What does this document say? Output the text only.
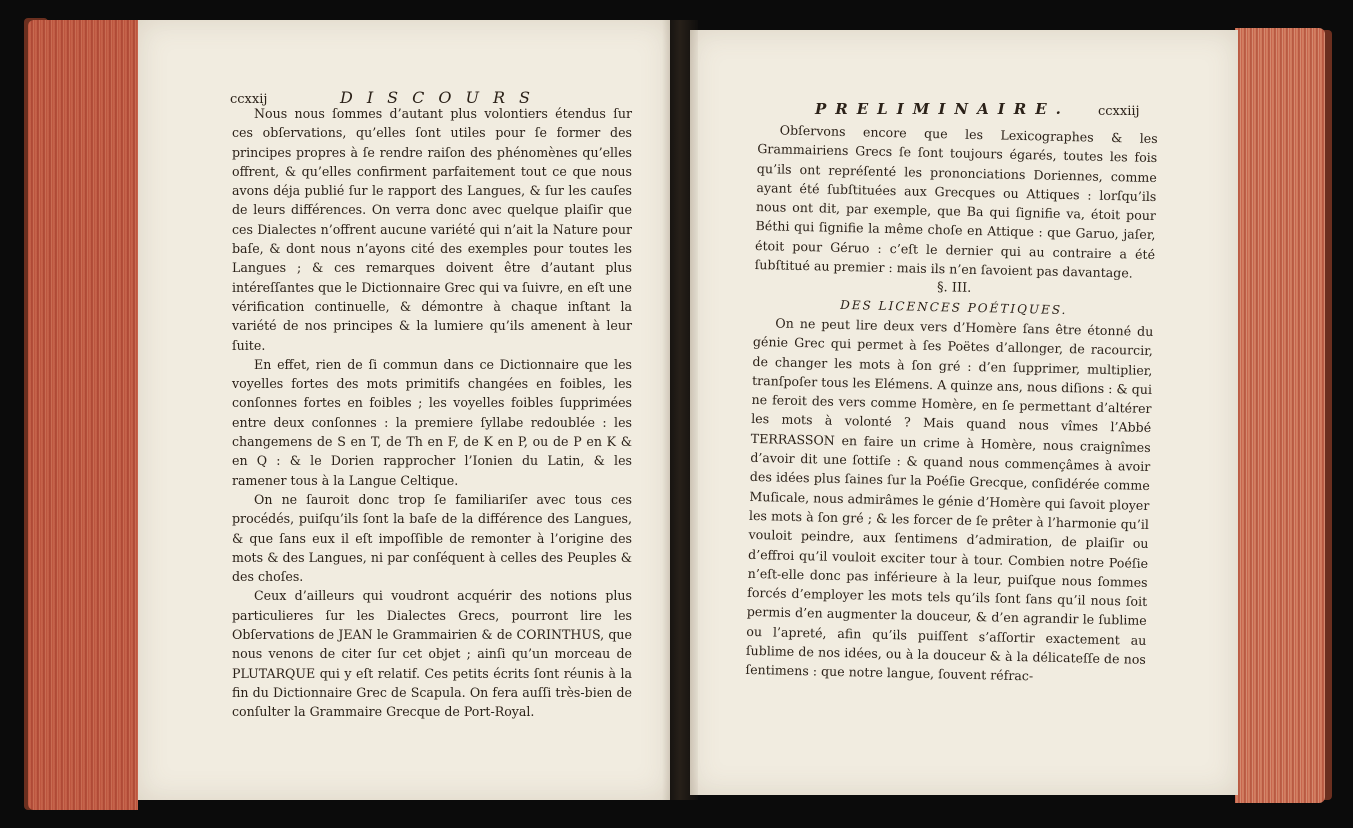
ccxxij	DISCOURS

Nous nous ſommes d’autant plus volontiers étendus ſur ces obſervations, qu’elles ſont utiles pour ſe former des principes propres à ſe rendre raiſon des phénomènes qu’elles offrent, & qu’elles confirment parfaitement tout ce que nous avons déja publié ſur le rapport des Langues, & ſur les cauſes de leurs différences. On verra donc avec quelque plaiſir que ces Dialectes n’offrent aucune variété qui n’ait la Nature pour baſe, & dont nous n’ayons cité des exemples pour toutes les Langues ; & ces remarques doivent être d’autant plus intéreſſantes que le Dictionnaire Grec qui va ſuivre, en eſt une vérification continuelle, & démontre à chaque inſtant la variété de nos principes & la lumiere qu’ils amenent à leur ſuite.

En effet, rien de ſi commun dans ce Dictionnaire que les voyelles fortes des mots primitifs changées en foibles, les conſonnes fortes en foibles ; les voyelles foibles ſupprimées entre deux conſonnes : la premiere ſyllabe redoublée : les changemens de S en T, de Th en F, de K en P, ou de P en K & en Q : & le Dorien rapprocher l’Ionien du Latin, & les ramener tous à la Langue Celtique.

On ne ſauroit donc trop ſe familiariſer avec tous ces procédés, puiſqu’ils ſont la baſe de la différence des Langues, & que ſans eux il eſt impoſſible de remonter à l’origine des mots & des Langues, ni par conſéquent à celles des Peuples & des choſes.

Ceux d’ailleurs qui voudront acquérir des notions plus particulieres ſur les Dialectes Grecs, pourront lire les Obſervations de JEAN le Grammairien & de CORINTHUS, que nous venons de citer ſur cet objet ; ainſi qu’un morceau de PLUTARQUE qui y eſt relatif. Ces petits écrits ſont réunis à la fin du Dictionnaire Grec de Scapula. On fera auſſi très-bien de conſulter la Grammaire Grecque de Port-Royal.

PRELIMINAIRE. ccxxiij

Obſervons encore que les Lexicographes & les Grammairiens Grecs ſe ſont toujours égarés, toutes les fois qu’ils ont repréſenté les prononciations Doriennes, comme ayant été ſubſtituées aux Grecques ou Attiques : lorſqu’ils nous ont dit, par exemple, que Ba qui ſignifie va, étoit pour Béthi qui ſignifie la même choſe en Attique : que Garuo, jaſer, étoit pour Géruo : c’eſt le dernier qui au contraire a été ſubſtitué au premier : mais ils n’en ſavoient pas davantage.

§. III.

DES LICENCES POÉTIQUES.

On ne peut lire deux vers d’Homère ſans être étonné du génie Grec qui permet à ſes Poëtes d’allonger, de racourcir, de changer les mots à ſon gré : d’en ſupprimer, multiplier, tranſpoſer tous les Elémens. A quinze ans, nous diſions : & qui ne feroit des vers comme Homère, en ſe permettant d’altérer les mots à volonté ? Mais quand nous vîmes l’Abbé TERRASSON en faire un crime à Homère, nous craignîmes d’avoir dit une ſottiſe : & quand nous commençâmes à avoir des idées plus ſaines ſur la Poéſie Grecque, conſidérée comme Muſicale, nous admirâmes le génie d’Homère qui ſavoit ployer les mots à ſon gré ; & les forcer de ſe prêter à l’harmonie qu’il vouloit peindre, aux ſentimens d’admiration, de plaiſir ou d’effroi qu’il vouloit exciter tour à tour. Combien notre Poéſie n’eſt-elle donc pas inférieure à la leur, puiſque nous ſommes forcés d’employer les mots tels qu’ils ſont ſans qu’il nous ſoit permis d’en augmenter la douceur, & d’en agrandir le ſublime ou l’apreté, afin qu’ils puiſſent s’aſſortir exactement au ſublime de nos idées, ou à la douceur & à la délicateſſe de nos ſentimens : que notre langue, ſouvent réfrac-
